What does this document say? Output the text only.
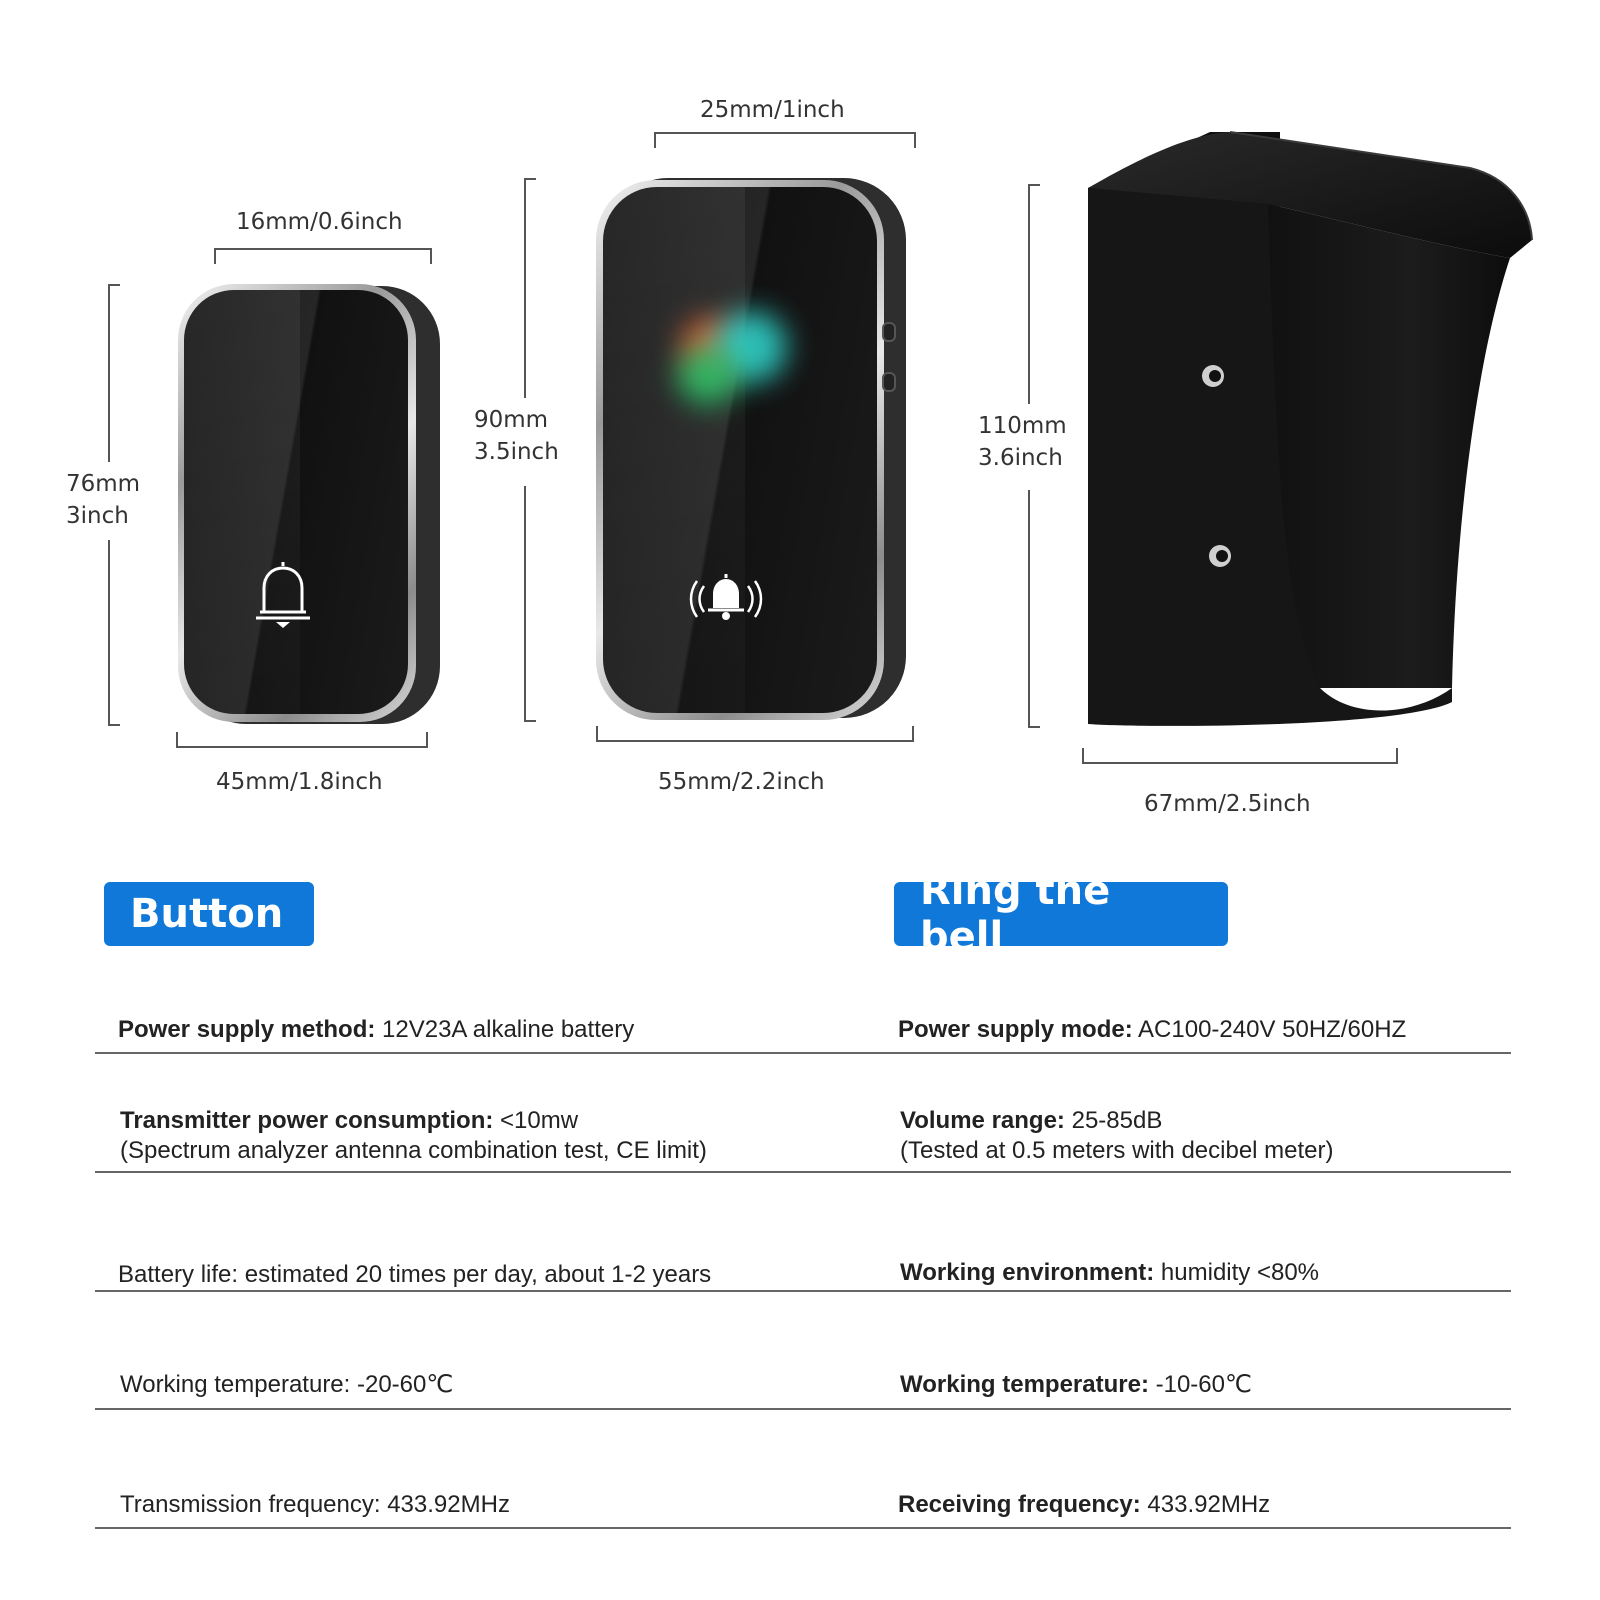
16mm/0.6inch
76mm
3inch
45mm/1.8inch
25mm/1inch
90mm
3.5inch
55mm/2.2inch
110mm
3.6inch
67mm/2.5inch
Button	Ring the bell
Power supply method: 12V23A alkaline battery
Transmitter power consumption: <10mw
(Spectrum analyzer antenna combination test, CE limit)
Battery life: estimated 20 times per day, about 1-2 years
Working temperature: -20-60℃
Transmission frequency: 433.92MHz
Power supply mode: AC100-240V 50HZ/60HZ
Volume range: 25-85dB
(Tested at 0.5 meters with decibel meter)
Working environment: humidity <80%
Working temperature: -10-60℃
Receiving frequency: 433.92MHz
